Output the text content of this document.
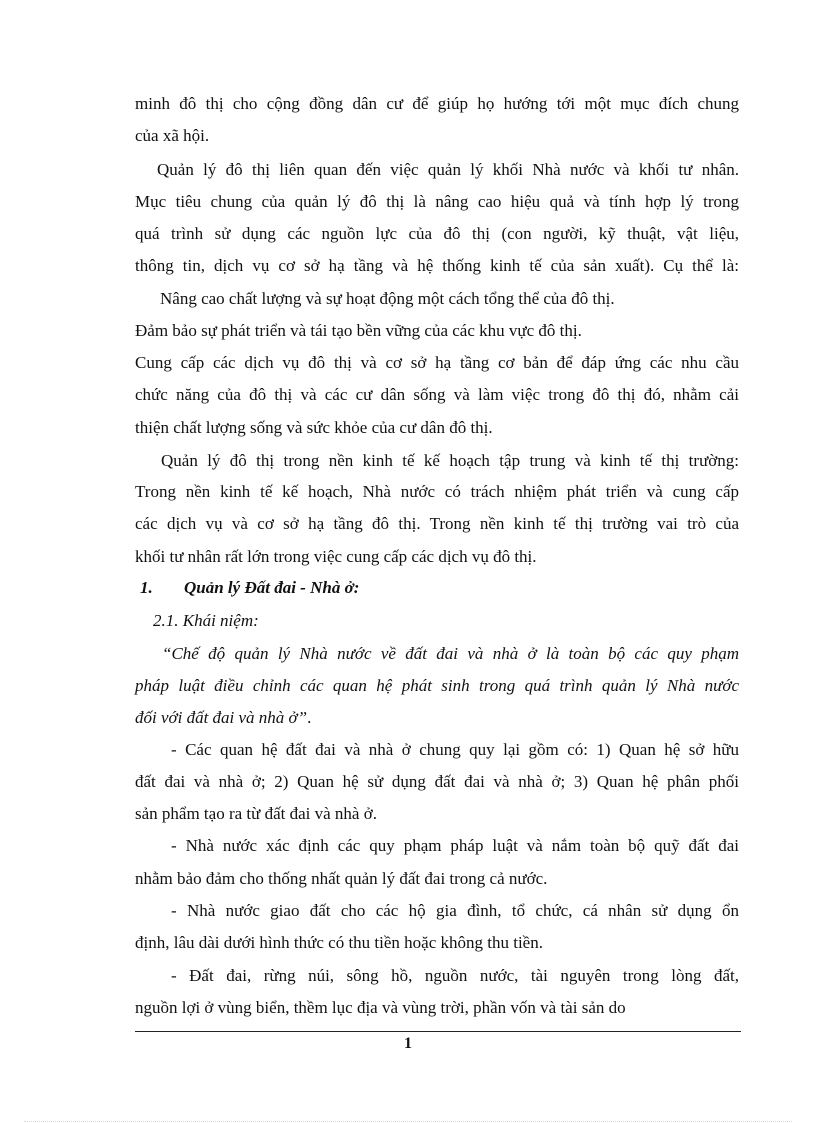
minh đô thị cho cộng đồng dân cư để giúp họ hướng tới một mục đích chung
của xã hội.
Quản lý đô thị liên quan đến việc quản lý khối Nhà nước và khối tư nhân.
Mục tiêu chung của quản lý đô thị là nâng cao hiệu quả và tính hợp lý trong
quá trình sử dụng các nguồn lực của đô thị (con người, kỹ thuật, vật liệu,
thông tin, dịch vụ cơ sở hạ tầng và hệ thống kinh tế của sản xuất). Cụ thể là:
Nâng cao chất lượng và sự hoạt động một cách tổng thể của đô thị.
Đảm bảo sự phát triển và tái tạo bền vững của các khu vực đô thị.
Cung cấp các dịch vụ đô thị và cơ sở hạ tầng cơ bản để đáp ứng các nhu cầu
chức năng của đô thị và các cư dân sống và làm việc trong đô thị đó, nhằm cải
thiện chất lượng sống và sức khỏe của cư dân đô thị.
Quản lý đô thị trong nền kinh tế kế hoạch tập trung và kinh tế thị trường:
Trong nền kinh tế kế hoạch, Nhà nước có trách nhiệm phát triển và cung cấp
các dịch vụ và cơ sở hạ tầng đô thị. Trong nền kinh tế thị trường vai trò của
khối tư nhân rất lớn trong việc cung cấp các dịch vụ đô thị.
1. Quản lý Đất đai - Nhà ở:
2.1. Khái niệm:
“Chế độ quản lý Nhà nước về đất đai và nhà ở là toàn bộ các quy phạm
pháp luật điều chỉnh các quan hệ phát sinh trong quá trình quản lý Nhà nước
đối với đất đai và nhà ở”.
- Các quan hệ đất đai và nhà ở chung quy lại gồm có: 1) Quan hệ sở hữu
đất đai và nhà ở; 2) Quan hệ sử dụng đất đai và nhà ở; 3) Quan hệ phân phối
sản phẩm tạo ra từ đất đai và nhà ở.
- Nhà nước xác định các quy phạm pháp luật và nắm toàn bộ quỹ đất đai
nhằm bảo đảm cho thống nhất quản lý đất đai trong cả nước.
- Nhà nước giao đất cho các hộ gia đình, tổ chức, cá nhân sử dụng ổn
định, lâu dài dưới hình thức có thu tiền hoặc không thu tiền.
- Đất đai, rừng núi, sông hồ, nguồn nước, tài nguyên trong lòng đất,
nguồn lợi ở vùng biển, thềm lục địa và vùng trời, phần vốn và tài sản do
1
